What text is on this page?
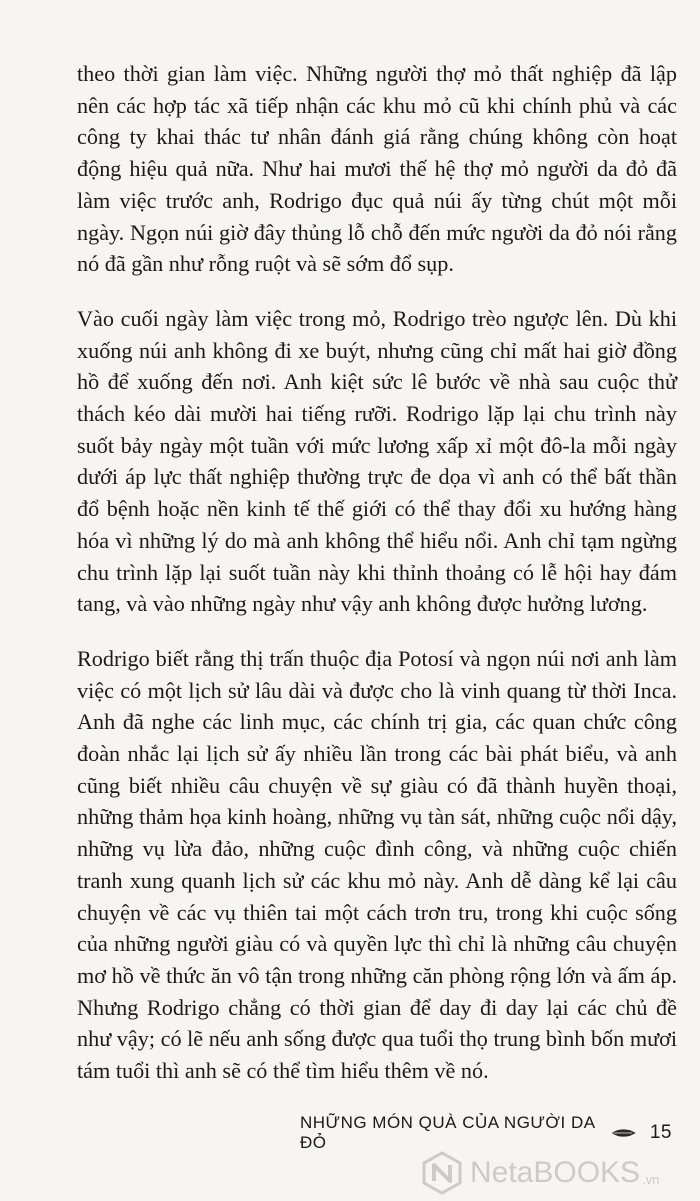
theo thời gian làm việc. Những người thợ mỏ thất nghiệp đã lập nên các hợp tác xã tiếp nhận các khu mỏ cũ khi chính phủ và các công ty khai thác tư nhân đánh giá rằng chúng không còn hoạt động hiệu quả nữa. Như hai mươi thế hệ thợ mỏ người da đỏ đã làm việc trước anh, Rodrigo đục quả núi ấy từng chút một mỗi ngày. Ngọn núi giờ đây thủng lỗ chỗ đến mức người da đỏ nói rằng nó đã gần như rỗng ruột và sẽ sớm đổ sụp.

Vào cuối ngày làm việc trong mỏ, Rodrigo trèo ngược lên. Dù khi xuống núi anh không đi xe buýt, nhưng cũng chỉ mất hai giờ đồng hồ để xuống đến nơi. Anh kiệt sức lê bước về nhà sau cuộc thử thách kéo dài mười hai tiếng rưỡi. Rodrigo lặp lại chu trình này suốt bảy ngày một tuần với mức lương xấp xỉ một đô-la mỗi ngày dưới áp lực thất nghiệp thường trực đe dọa vì anh có thể bất thần đổ bệnh hoặc nền kinh tế thế giới có thể thay đổi xu hướng hàng hóa vì những lý do mà anh không thể hiểu nổi. Anh chỉ tạm ngừng chu trình lặp lại suốt tuần này khi thỉnh thoảng có lễ hội hay đám tang, và vào những ngày như vậy anh không được hưởng lương.

Rodrigo biết rằng thị trấn thuộc địa Potosí và ngọn núi nơi anh làm việc có một lịch sử lâu dài và được cho là vinh quang từ thời Inca. Anh đã nghe các linh mục, các chính trị gia, các quan chức công đoàn nhắc lại lịch sử ấy nhiều lần trong các bài phát biểu, và anh cũng biết nhiều câu chuyện về sự giàu có đã thành huyền thoại, những thảm họa kinh hoàng, những vụ tàn sát, những cuộc nổi dậy, những vụ lừa đảo, những cuộc đình công, và những cuộc chiến tranh xung quanh lịch sử các khu mỏ này. Anh dễ dàng kể lại câu chuyện về các vụ thiên tai một cách trơn tru, trong khi cuộc sống của những người giàu có và quyền lực thì chỉ là những câu chuyện mơ hồ về thức ăn vô tận trong những căn phòng rộng lớn và ấm áp. Nhưng Rodrigo chẳng có thời gian để day đi day lại các chủ đề như vậy; có lẽ nếu anh sống được qua tuổi thọ trung bình bốn mươi tám tuổi thì anh sẽ có thể tìm hiểu thêm về nó.

NHỮNG MÓN QUÀ CỦA NGƯỜI DA ĐỎ	15
NetaBOOKS .vn
